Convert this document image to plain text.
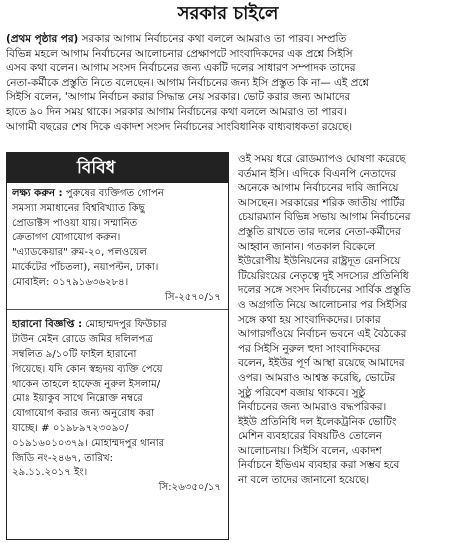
সরকার চাইলে
(প্রথম পৃষ্ঠার পর) সরকার আগাম নির্বাচনের কথা বললে আমরাও তা পারব। সম্প্রতি
বিভিন্ন মহলে আগাম নির্বাচনের আলোচনার প্রেক্ষাপটে সাংবাদিকদের এক প্রশ্নে সিইসি
এসব কথা বলেন। আগাম সংসদ নির্বাচনের জন্য একটি দলের সাধারণ সম্পাদক তাদের
নেতা-কর্মীকে প্রস্তুতি নিতে বলেছেন। আগাম নির্বাচনের জন্য ইসি প্রস্তুত কি না— এই প্রশ্নে
সিইসি বলেন, 'আগাম নির্বাচন করার সিদ্ধান্ত নেয় সরকার। ভোট করার জন্য আমাদের
হাতে ৯০ দিন সময় থাকে। সরকার আগাম নির্বাচনের কথা বললে আমরাও তা পারব।
আগামী বছরের শেষ দিকে একাদশ সংসদ নির্বাচনের সাংবিধানিক বাধ্যবাধকতা রয়েছে।
বিবিধ
লক্ষ্য করুন : পুরুষের ব্যক্তিগত গোপন
সমস্যা সমাধানের বিশ্ববিখ্যাত কিছু
প্রোডাক্টস পাওয়া যায়। সম্মানিত
ক্রেতাগণ যোগাযোগ করুন।
"এ্যাডকেয়ার" রুম-২০, পলওয়েল
মার্কেটের পাঁচতলা), নয়াপল্টন, ঢাকা।
মোবাইল: ০১৭৯১৬৩৬২৮৪।
সি-২৫৭০/১৭
হারানো বিজ্ঞপ্তি : মোহাম্মদপুর ফিউচার
টাউন মেইন রোডে জমির দলিলপত্র
সম্বলিত ৯/১০টি ফাইল হারানো
গিয়েছে। যদি কোন স্বহৃদয় ব্যক্তি পেয়ে
থাকেন তাহলে হাফেজ নুরুল ইসলাম/
মোঃ ইয়াকুব সাথে নিম্নোক্ত নম্বরে
যোগাযোগ করার জন্য অনুরোধ করা
যাচ্ছে। # ০১৯৮৯৭২৩০৯০/
০১৯১৬০১০৩৭৯। মোহাম্মদপুর থানার
জিডি নং-২৪৬৭, তারিখ:
২৯.১১.২০১৭ ইং।
সি:২৬৩৫০/১৭
ওই সময় ধরে রোডম্যাপও ঘোষণা করেছে
বর্তমান ইসি। এদিকে বিএনপি নেতাদের
অনেকে আগাম নির্বাচনের দাবি জানিয়ে
আসছেন। সরকারের শরিক জাতীয় পার্টির
চেয়ারম্যান বিভিন্ন সভায় আগাম নির্বাচনের
প্রস্তুতি রাখতে তার দলের নেতা-কর্মীদের
আহ্বান জানান। গতকাল বিকেলে
ইউরোপীয় ইউনিয়নের রাষ্ট্রদূত রেনসিয়ে
টিয়েরিংয়ের নেতৃত্বে দুই সদস্যের প্রতিনিধি
দলের সঙ্গে সংসদ নির্বাচনের সার্বিক প্রস্তুতি
ও অগ্রগতি নিয়ে আলোচনার পর সিইসির
সঙ্গে কথা হয় সাংবাদিকদের। ঢাকার
আগারগাঁওয়ে নির্বাচন ভবনে এই বৈঠকের
পর সিইসি নুরুল হুদা সাংবাদিকদের
বলেন, ইইউর পূর্ণ আস্থা রয়েছে আমাদের
ওপর। আমরাও আশ্বস্ত করেছি, ভোটের
সুষ্ঠু পরিবেশ বজায় থাকবে। সুষ্ঠু
নির্বাচনের জন্য আমরাও বদ্ধপরিকর।
ইইউ প্রতিনিধি দল ইলেকট্রনিক ভোটিং
মেশিন ব্যবহারের বিষয়টিও তোলেন
আলোচনায়। সিইসি বলেন, একাদশ
নির্বাচনে ইভিএম ব্যবহার করা সম্ভব হবে
না বলে তাদের জানানো হয়েছে।
